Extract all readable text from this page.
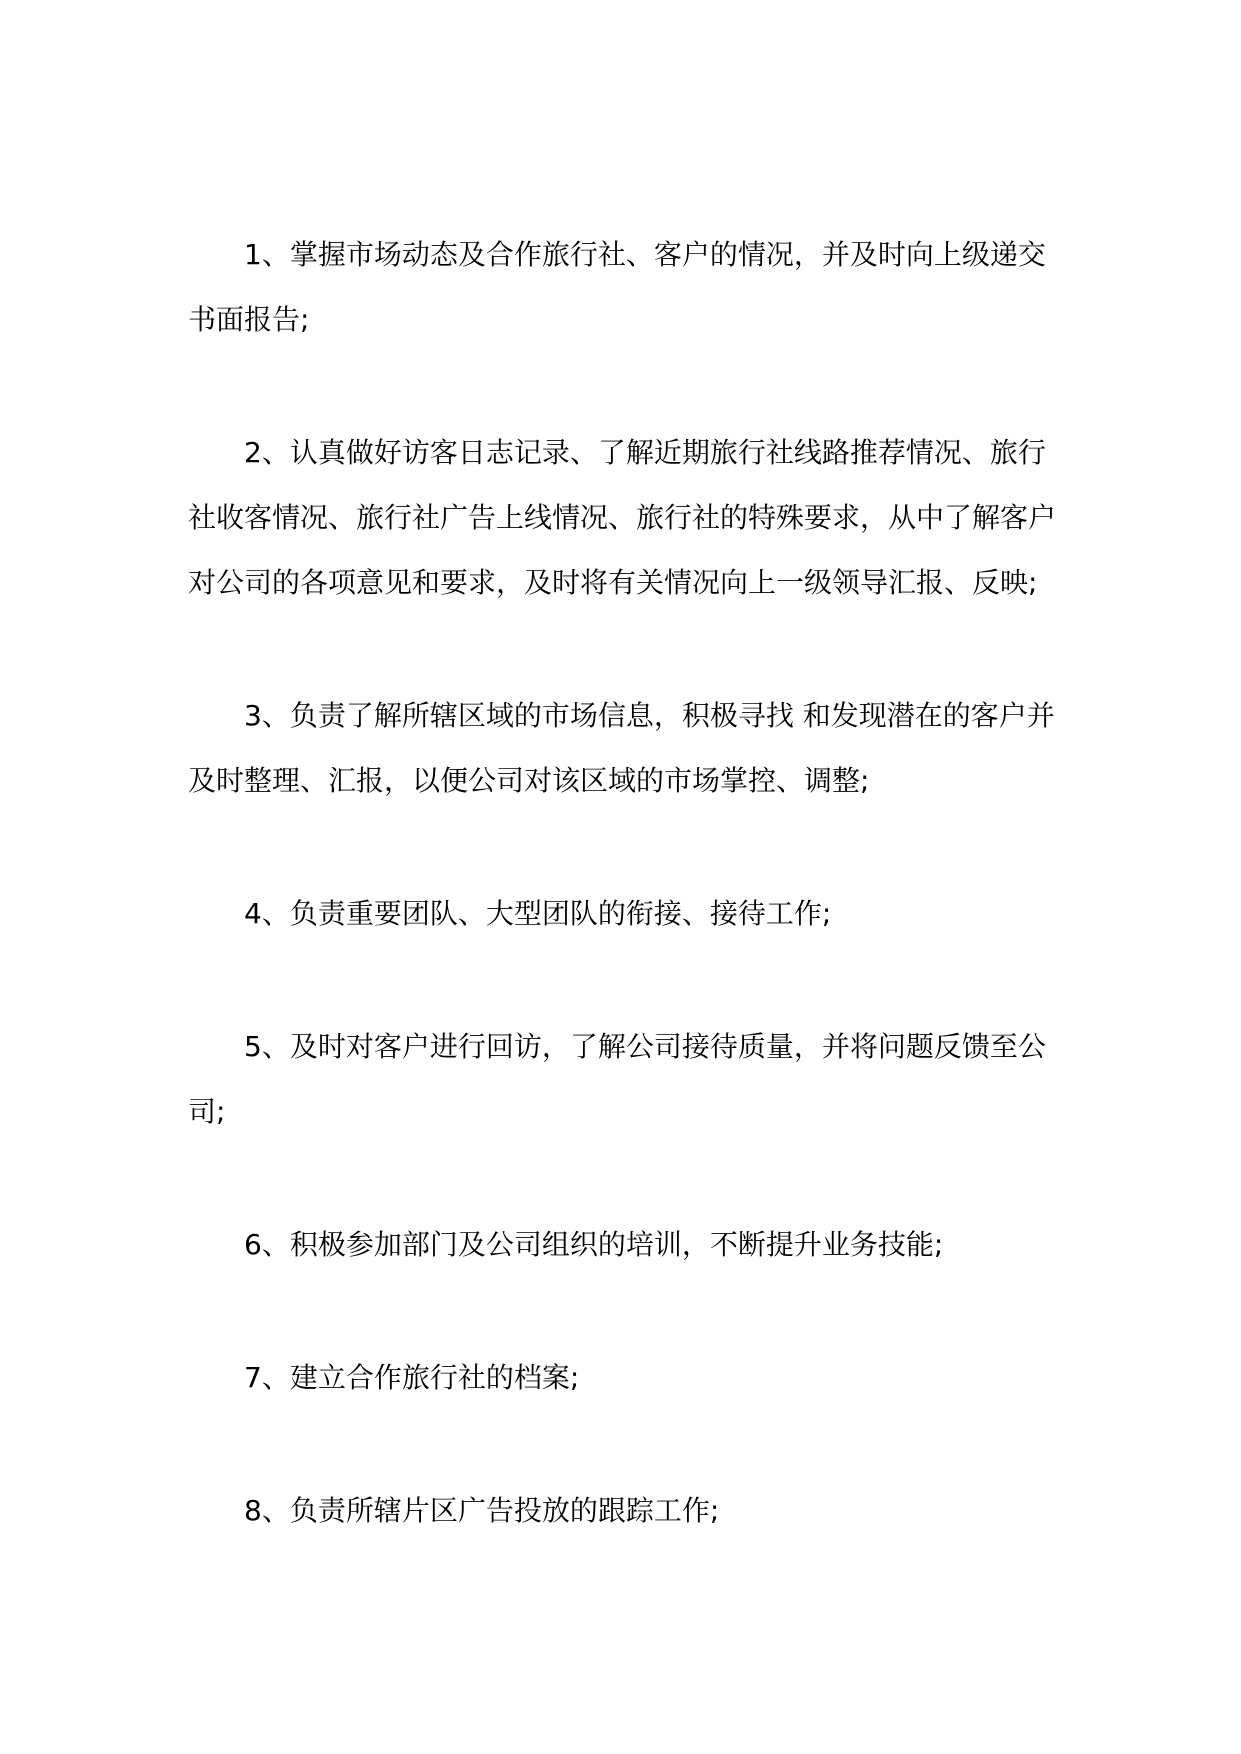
1、掌握市场动态及合作旅行社、客户的情况，并及时向上级递交书面报告;

2、认真做好访客日志记录、了解近期旅行社线路推荐情况、旅行社收客情况、旅行社广告上线情况、旅行社的特殊要求，从中了解客户对公司的各项意见和要求，及时将有关情况向上一级领导汇报、反映;

3、负责了解所辖区域的市场信息，积极寻找 和发现潜在的客户并及时整理、汇报，以便公司对该区域的市场掌控、调整;

4、负责重要团队、大型团队的衔接、接待工作;

5、及时对客户进行回访，了解公司接待质量，并将问题反馈至公司;

6、积极参加部门及公司组织的培训，不断提升业务技能;

7、建立合作旅行社的档案;

8、负责所辖片区广告投放的跟踪工作;
